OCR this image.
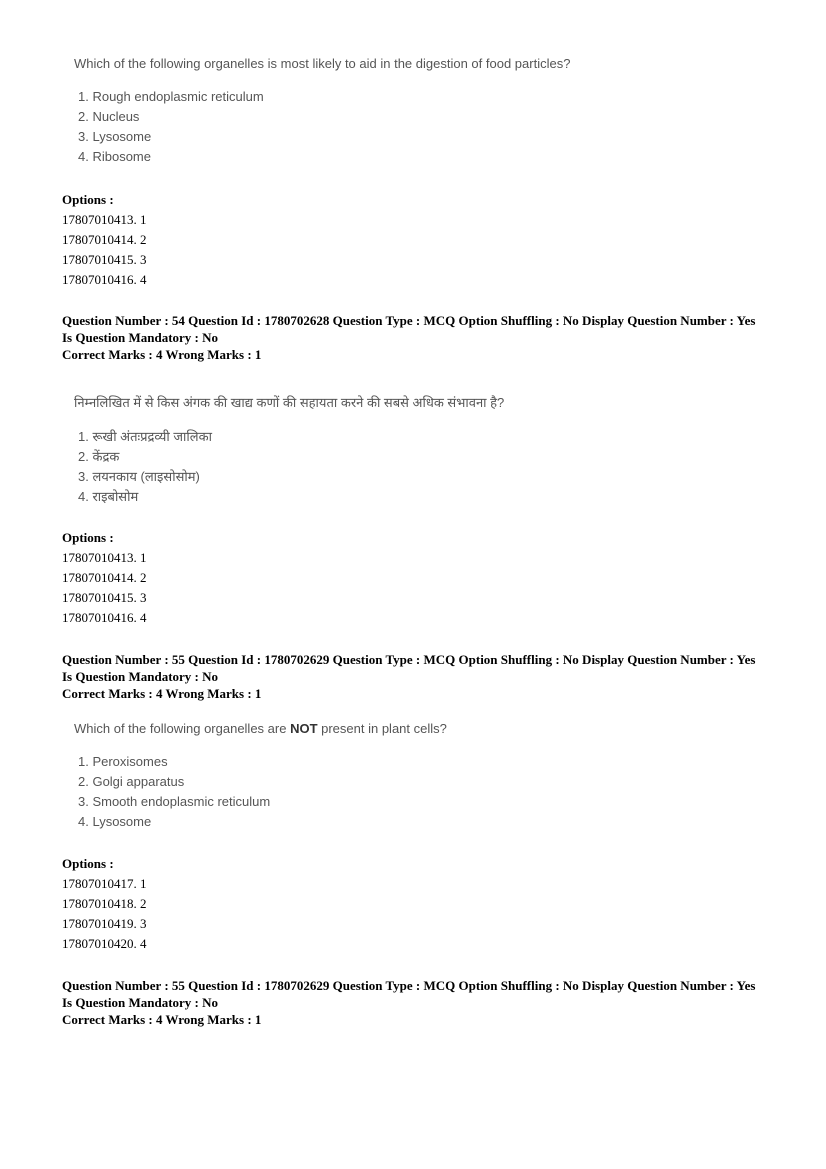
Which of the following organelles is most likely to aid in the digestion of food particles?
1. Rough endoplasmic reticulum
2. Nucleus
3. Lysosome
4. Ribosome
Options :
17807010413. 1
17807010414. 2
17807010415. 3
17807010416. 4
Question Number : 54 Question Id : 1780702628 Question Type : MCQ Option Shuffling : No Display Question Number : Yes
Is Question Mandatory : No
Correct Marks : 4 Wrong Marks : 1
निम्नलिखित में से किस अंगक की खाद्य कणों की सहायता करने की सबसे अधिक संभावना है?
1. रूखी अंतःप्रद्रव्यी जालिका
2. केंद्रक
3. लयनकाय (लाइसोसोम)
4. राइबोसोम
Options :
17807010413. 1
17807010414. 2
17807010415. 3
17807010416. 4
Question Number : 55 Question Id : 1780702629 Question Type : MCQ Option Shuffling : No Display Question Number : Yes
Is Question Mandatory : No
Correct Marks : 4 Wrong Marks : 1
Which of the following organelles are NOT present in plant cells?
1. Peroxisomes
2. Golgi apparatus
3. Smooth endoplasmic reticulum
4. Lysosome
Options :
17807010417. 1
17807010418. 2
17807010419. 3
17807010420. 4
Question Number : 55 Question Id : 1780702629 Question Type : MCQ Option Shuffling : No Display Question Number : Yes
Is Question Mandatory : No
Correct Marks : 4 Wrong Marks : 1
